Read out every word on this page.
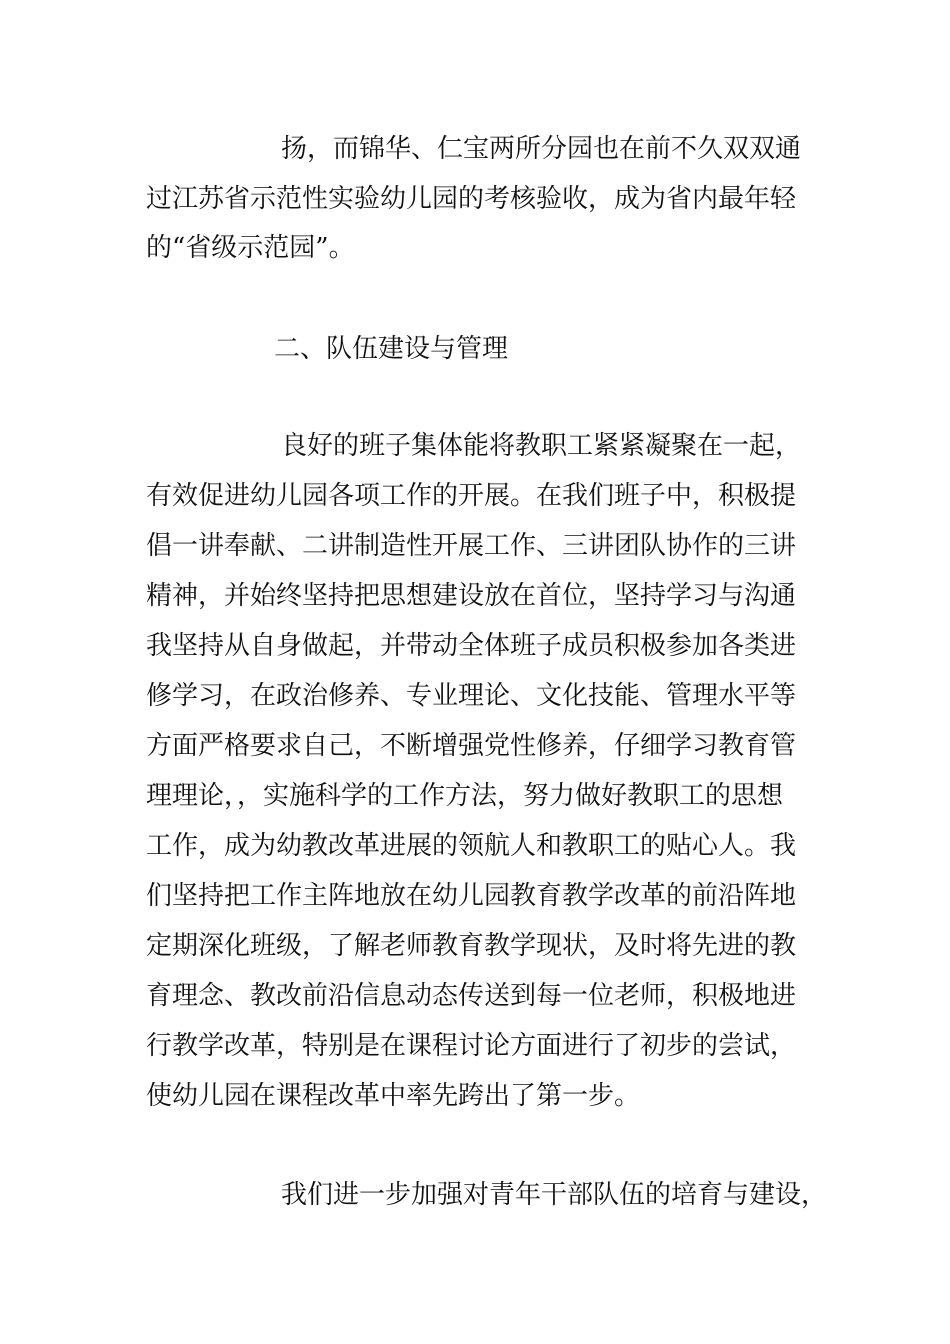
扬，而锦华、仁宝两所分园也在前不久双双通
过江苏省示范性实验幼儿园的考核验收，成为省内最年轻
的“省级示范园”。
二、队伍建设与管理
良好的班子集体能将教职工紧紧凝聚在一起，
有效促进幼儿园各项工作的开展。在我们班子中，积极提
倡一讲奉献、二讲制造性开展工作、三讲团队协作的三讲
精神，并始终坚持把思想建设放在首位，坚持学习与沟通
我坚持从自身做起，并带动全体班子成员积极参加各类进
修学习，在政治修养、专业理论、文化技能、管理水平等
方面严格要求自己，不断增强党性修养，仔细学习教育管
理理论，，实施科学的工作方法，努力做好教职工的思想
工作，成为幼教改革进展的领航人和教职工的贴心人。我
们坚持把工作主阵地放在幼儿园教育教学改革的前沿阵地
定期深化班级，了解老师教育教学现状，及时将先进的教
育理念、教改前沿信息动态传送到每一位老师，积极地进
行教学改革，特别是在课程讨论方面进行了初步的尝试，
使幼儿园在课程改革中率先跨出了第一步。
我们进一步加强对青年干部队伍的培育与建设，
